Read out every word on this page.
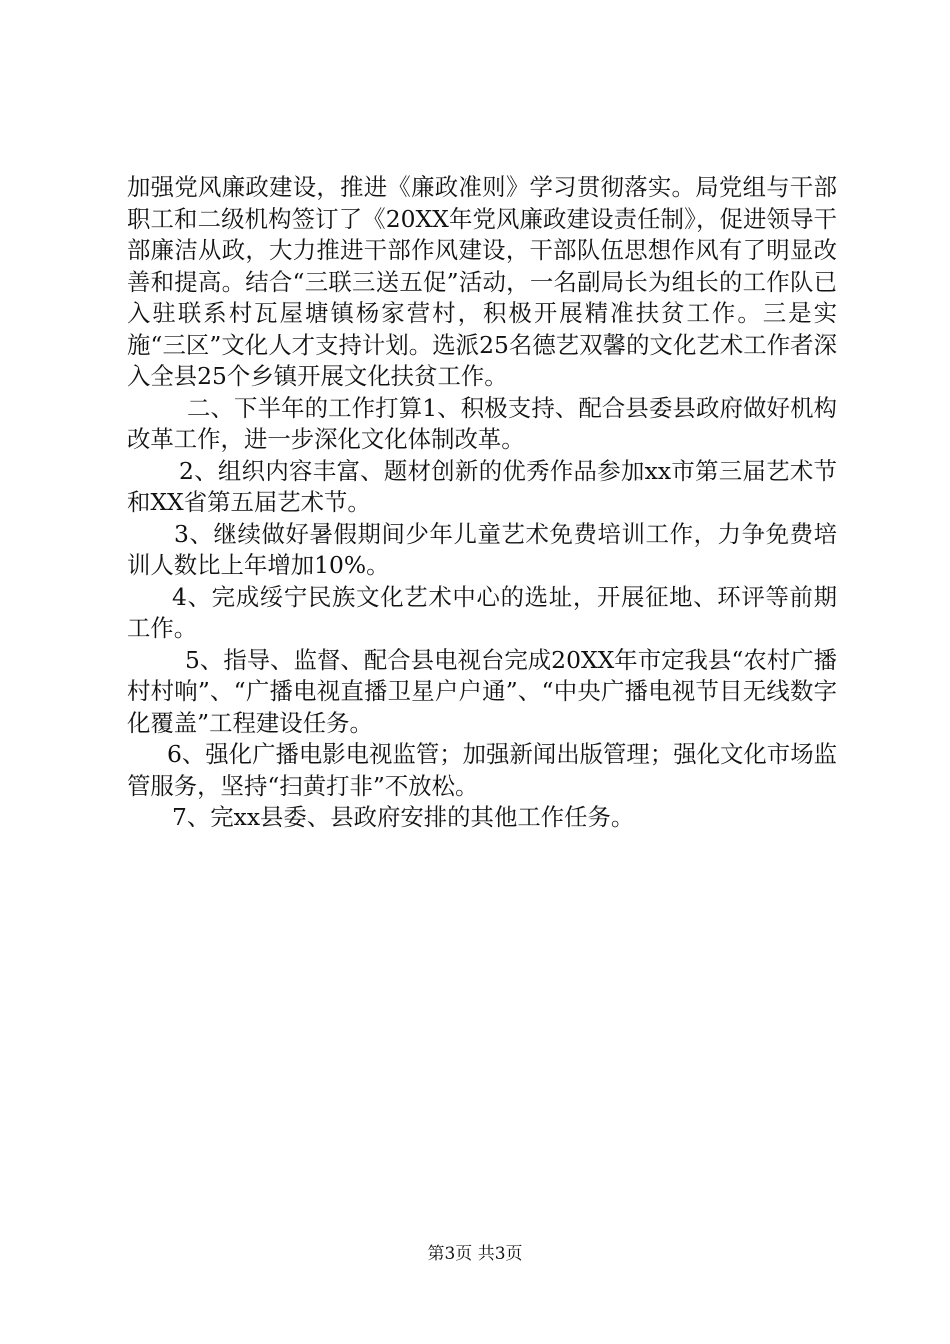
加强党风廉政建设，推进《廉政准则》学习贯彻落实。局党组与干部职工和二级机构签订了《20XX年党风廉政建设责任制》，促进领导干部廉洁从政，大力推进干部作风建设，干部队伍思想作风有了明显改善和提高。结合“三联三送五促”活动，一名副局长为组长的工作队已入驻联系村瓦屋塘镇杨家营村，积极开展精准扶贫工作。三是实施“三区”文化人才支持计划。选派25名德艺双馨的文化艺术工作者深入全县25个乡镇开展文化扶贫工作。

二、下半年的工作打算1、积极支持、配合县委县政府做好机构改革工作，进一步深化文化体制改革。

2、组织内容丰富、题材创新的优秀作品参加xx市第三届艺术节和XX省第五届艺术节。

3、继续做好暑假期间少年儿童艺术免费培训工作，力争免费培训人数比上年增加10%。

4、完成绥宁民族文化艺术中心的选址，开展征地、环评等前期工作。

5、指导、监督、配合县电视台完成20XX年市定我县“农村广播村村响”、“广播电视直播卫星户户通”、“中央广播电视节目无线数字化覆盖”工程建设任务。

6、强化广播电影电视监管；加强新闻出版管理；强化文化市场监管服务，坚持“扫黄打非”不放松。

7、完xx县委、县政府安排的其他工作任务。

第3页 共3页
